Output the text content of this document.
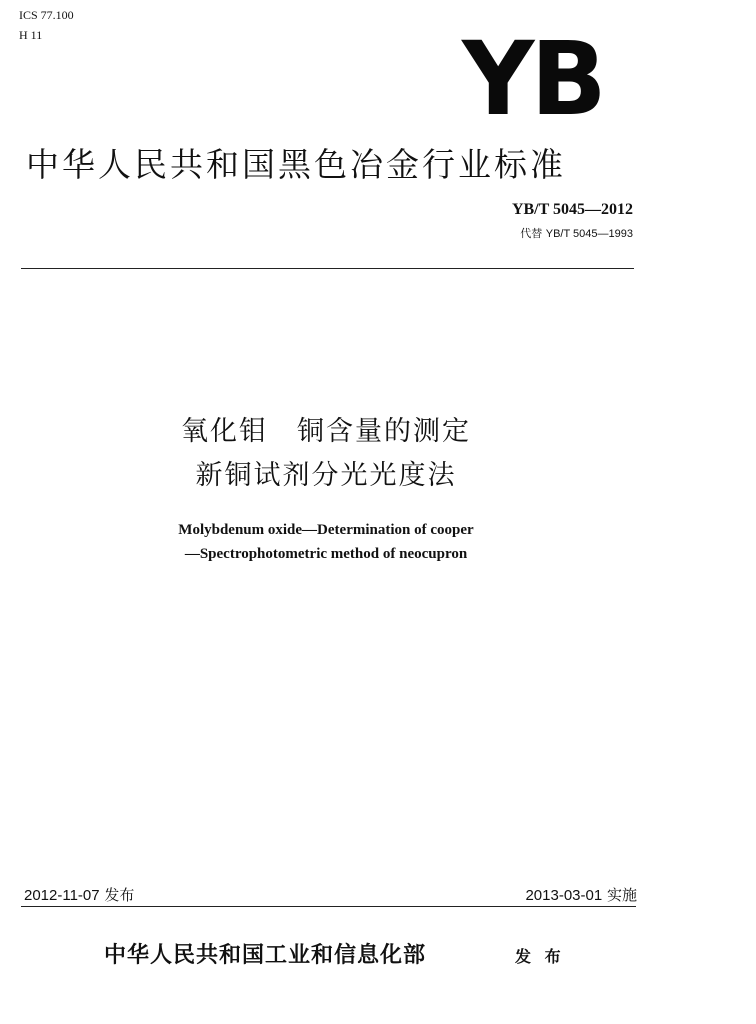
ICS 77.100
H 11	YB
中华人民共和国黑色冶金行业标准
YB/T 5045—2012
代替 YB/T 5045—1993
氧化钼　铜含量的测定
新铜试剂分光光度法
Molybdenum oxide—Determination of cooper
—Spectrophotometric method of neocupron
2012-11-07 发布	2013-03-01 实施
中华人民共和国工业和信息化部	发 布
